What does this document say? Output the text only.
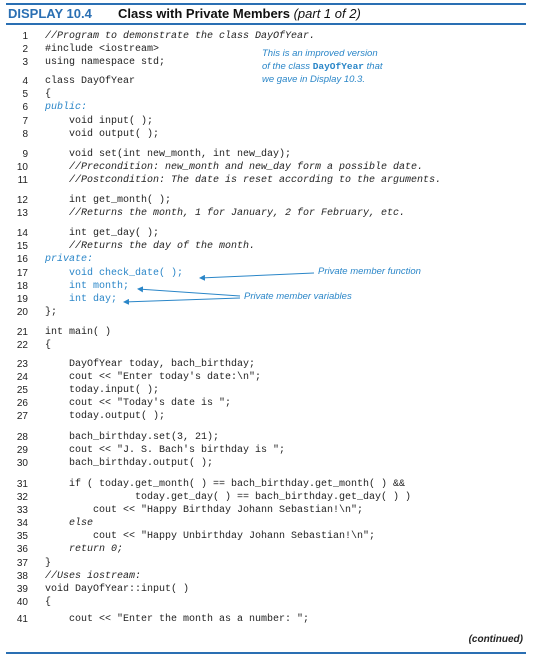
DISPLAY 10.4 Class with Private Members (part 1 of 2)
1 //Program to demonstrate the class DayOfYear.
2 #include <iostream>
3 using namespace std;
4 class DayOfYear
5 {
6 public:
7 void input( );
8 void output( );
9 void set(int new_month, int new_day);
10 //Precondition: new_month and new_day form a possible date.
11 //Postcondition: The date is reset according to the arguments.
12 int get_month( );
13 //Returns the month, 1 for January, 2 for February, etc.
14 int get_day( );
15 //Returns the day of the month.
16 private:
17 void check_date( );
18 int month;
19 int day;
20 };
21 int main( )
22 {
23 DayOfYear today, bach_birthday;
24 cout << "Enter today's date:\n";
25 today.input( );
26 cout << "Today's date is ";
27 today.output( );
28 bach_birthday.set(3, 21);
29 cout << "J. S. Bach's birthday is ";
30 bach_birthday.output( );
31 if ( today.get_month( ) == bach_birthday.get_month( ) &&
32 today.get_day( ) == bach_birthday.get_day( ) )
33 cout << "Happy Birthday Johann Sebastian!\n";
34 else
35 cout << "Happy Unbirthday Johann Sebastian!\n";
36 return 0;
37 }
38 //Uses iostream:
39 void DayOfYear::input( )
40 {
41 cout << "Enter the month as a number: ";
This is an improved version
of the class DayOfYear that
we gave in Display 10.3.
Private member function
Private member variables
(continued)
